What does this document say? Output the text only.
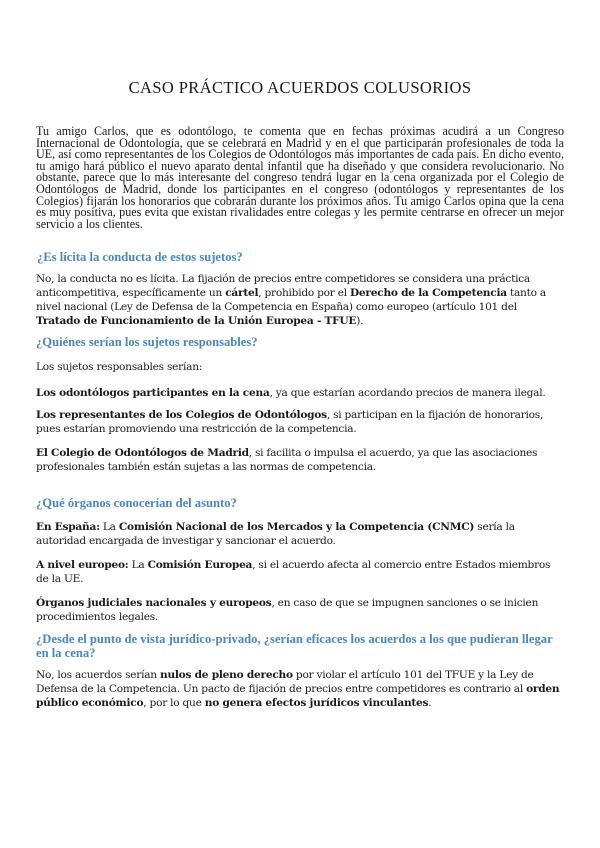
CASO PRÁCTICO ACUERDOS COLUSORIOS

Tu amigo Carlos, que es odontólogo, te comenta que en fechas próximas acudirá a un Congreso Internacional de Odontología, que se celebrará en Madrid y en el que participarán profesionales de toda la UE, así como representantes de los Colegios de Odontólogos más importantes de cada país. En dicho evento, tu amigo hará público el nuevo aparato dental infantil que ha diseñado y que considera revolucionario. No obstante, parece que lo más interesante del congreso tendrá lugar en la cena organizada por el Colegio de Odontólogos de Madrid, donde los participantes en el congreso (odontólogos y representantes de los Colegios) fijarán los honorarios que cobrarán durante los próximos años. Tu amigo Carlos opina que la cena es muy positiva, pues evita que existan rivalidades entre colegas y les permite centrarse en ofrecer un mejor servicio a los clientes.

¿Es lícita la conducta de estos sujetos?

No, la conducta no es lícita. La fijación de precios entre competidores se considera una práctica anticompetitiva, específicamente un cártel, prohibido por el Derecho de la Competencia tanto a nivel nacional (Ley de Defensa de la Competencia en España) como europeo (artículo 101 del Tratado de Funcionamiento de la Unión Europea - TFUE).

¿Quiénes serían los sujetos responsables?

Los sujetos responsables serían:

Los odontólogos participantes en la cena, ya que estarían acordando precios de manera ilegal.

Los representantes de los Colegios de Odontólogos, si participan en la fijación de honorarios, pues estarían promoviendo una restricción de la competencia.

El Colegio de Odontólogos de Madrid, si facilita o impulsa el acuerdo, ya que las asociaciones profesionales también están sujetas a las normas de competencia.

¿Qué órganos conocerían del asunto?

En España: La Comisión Nacional de los Mercados y la Competencia (CNMC) sería la autoridad encargada de investigar y sancionar el acuerdo.

A nivel europeo: La Comisión Europea, si el acuerdo afecta al comercio entre Estados miembros de la UE.

Órganos judiciales nacionales y europeos, en caso de que se impugnen sanciones o se inicien procedimientos legales.

¿Desde el punto de vista jurídico-privado, ¿serían eficaces los acuerdos a los que pudieran llegar en la cena?

No, los acuerdos serían nulos de pleno derecho por violar el artículo 101 del TFUE y la Ley de Defensa de la Competencia. Un pacto de fijación de precios entre competidores es contrario al orden público económico, por lo que no genera efectos jurídicos vinculantes.
